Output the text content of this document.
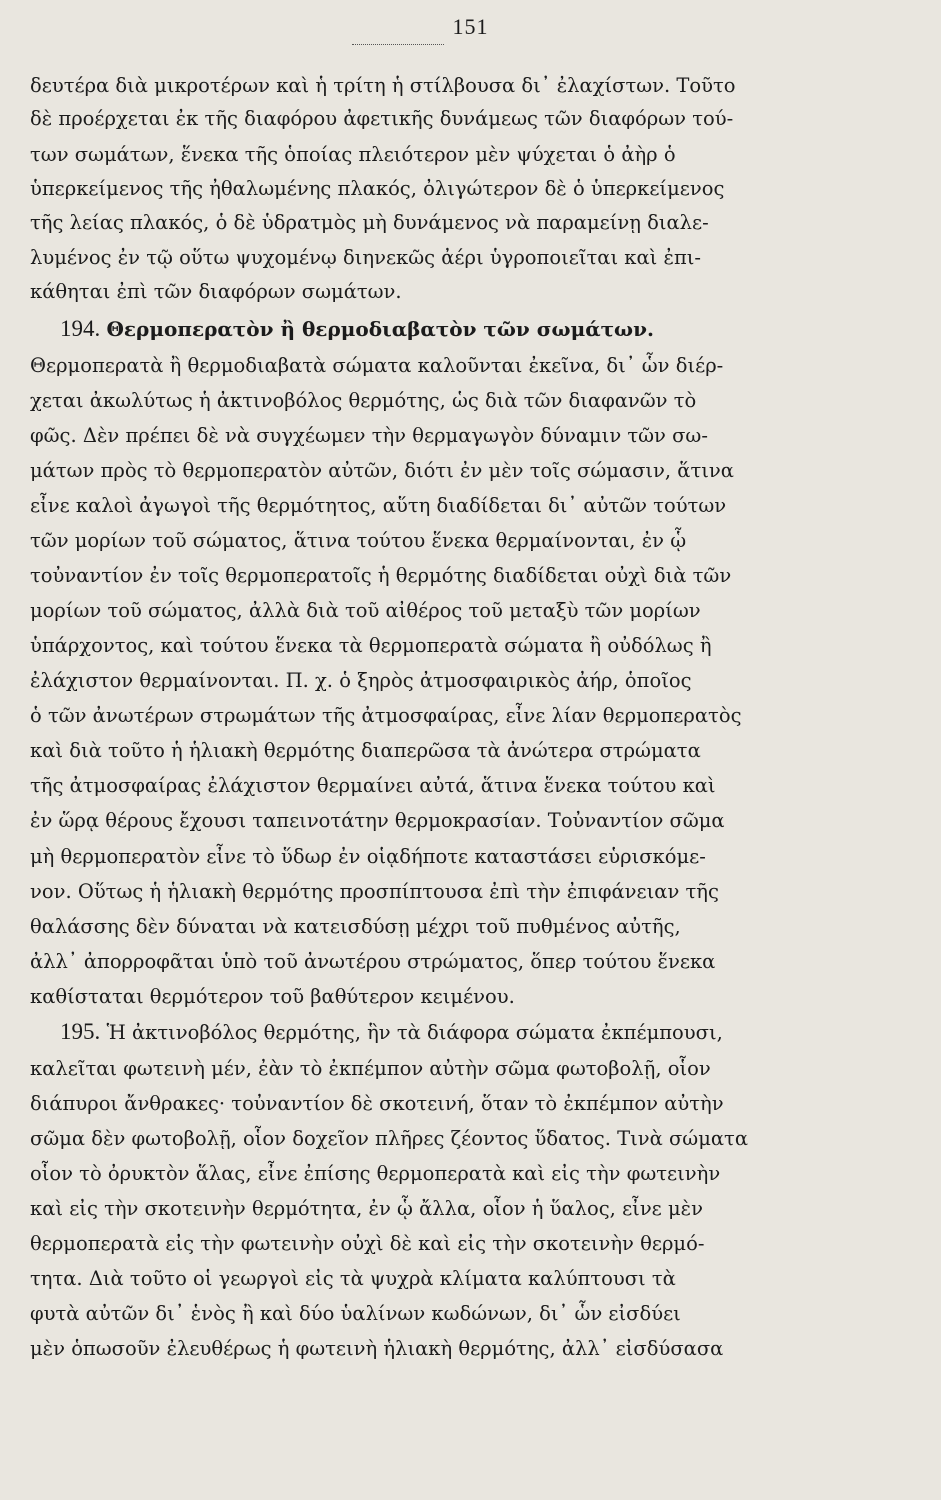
151
δευτέρα διὰ μικροτέρων καὶ ἡ τρίτη ἡ στίλβουσα δι᾽ ἐλαχίστων. Τοῦτο
δὲ προέρχεται ἐκ τῆς διαφόρου ἀφετικῆς δυνάμεως τῶν διαφόρων τού-
των σωμάτων, ἕνεκα τῆς ὁποίας πλειότερον μὲν ψύχεται ὁ ἀὴρ ὁ
ὑπερκείμενος τῆς ἠθαλωμένης πλακός, ὀλιγώτερον δὲ ὁ ὑπερκείμενος
τῆς λείας πλακός, ὁ δὲ ὑδρατμὸς μὴ δυνάμενος νὰ παραμείνῃ διαλε-
λυμένος ἐν τῷ οὕτω ψυχομένῳ διηνεκῶς ἀέρι ὑγροποιεῖται καὶ ἐπι-
κάθηται ἐπὶ τῶν διαφόρων σωμάτων.
194. Θερμοπερατὸν ἢ θερμοδιαβατὸν τῶν σωμάτων.
Θερμοπερατὰ ἢ θερμοδιαβατὰ σώματα καλοῦνται ἐκεῖνα, δι᾽ ὧν διέρ-
χεται ἀκωλύτως ἡ ἀκτινοβόλος θερμότης, ὡς διὰ τῶν διαφανῶν τὸ
φῶς. Δὲν πρέπει δὲ νὰ συγχέωμεν τὴν θερμαγωγὸν δύναμιν τῶν σω-
μάτων πρὸς τὸ θερμοπερατὸν αὐτῶν, διότι ἐν μὲν τοῖς σώμασιν, ἅτινα
εἶνε καλοὶ ἀγωγοὶ τῆς θερμότητος, αὕτη διαδίδεται δι᾽ αὐτῶν τούτων
τῶν μορίων τοῦ σώματος, ἅτινα τούτου ἕνεκα θερμαίνονται, ἐν ᾧ
τοὐναντίον ἐν τοῖς θερμοπερατοῖς ἡ θερμότης διαδίδεται οὐχὶ διὰ τῶν
μορίων τοῦ σώματος, ἀλλὰ διὰ τοῦ αἰθέρος τοῦ μεταξὺ τῶν μορίων
ὑπάρχοντος, καὶ τούτου ἕνεκα τὰ θερμοπερατὰ σώματα ἢ οὐδόλως ἢ
ἐλάχιστον θερμαίνονται. Π. χ. ὁ ξηρὸς ἀτμοσφαιρικὸς ἀήρ, ὁποῖος
ὁ τῶν ἀνωτέρων στρωμάτων τῆς ἀτμοσφαίρας, εἶνε λίαν θερμοπερατὸς
καὶ διὰ τοῦτο ἡ ἡλιακὴ θερμότης διαπερῶσα τὰ ἀνώτερα στρώματα
τῆς ἀτμοσφαίρας ἐλάχιστον θερμαίνει αὐτά, ἅτινα ἕνεκα τούτου καὶ
ἐν ὥρᾳ θέρους ἔχουσι ταπεινοτάτην θερμοκρασίαν. Τοὐναντίον σῶμα
μὴ θερμοπερατὸν εἶνε τὸ ὕδωρ ἐν οἱᾳδήποτε καταστάσει εὑρισκόμε-
νον. Οὕτως ἡ ἡλιακὴ θερμότης προσπίπτουσα ἐπὶ τὴν ἐπιφάνειαν τῆς
θαλάσσης δὲν δύναται νὰ κατεισδύσῃ μέχρι τοῦ πυθμένος αὐτῆς,
ἀλλ᾽ ἀπορροφᾶται ὑπὸ τοῦ ἀνωτέρου στρώματος, ὅπερ τούτου ἕνεκα
καθίσταται θερμότερον τοῦ βαθύτερον κειμένου.
195. Ἡ ἀκτινοβόλος θερμότης, ἣν τὰ διάφορα σώματα ἐκπέμπουσι,
καλεῖται φωτεινὴ μέν, ἐὰν τὸ ἐκπέμπον αὐτὴν σῶμα φωτοβολῇ, οἷον
διάπυροι ἄνθρακες· τοὐναντίον δὲ σκοτεινή, ὅταν τὸ ἐκπέμπον αὐτὴν
σῶμα δὲν φωτοβολῇ, οἷον δοχεῖον πλῆρες ζέοντος ὕδατος. Τινὰ σώματα
οἷον τὸ ὀρυκτὸν ἅλας, εἶνε ἐπίσης θερμοπερατὰ καὶ εἰς τὴν φωτεινὴν
καὶ εἰς τὴν σκοτεινὴν θερμότητα, ἐν ᾧ ἄλλα, οἷον ἡ ὕαλος, εἶνε μὲν
θερμοπερατὰ εἰς τὴν φωτεινὴν οὐχὶ δὲ καὶ εἰς τὴν σκοτεινὴν θερμό-
τητα. Διὰ τοῦτο οἱ γεωργοὶ εἰς τὰ ψυχρὰ κλίματα καλύπτουσι τὰ
φυτὰ αὐτῶν δι᾽ ἑνὸς ἢ καὶ δύο ὑαλίνων κωδώνων, δι᾽ ὧν εἰσδύει
μὲν ὁπωσοῦν ἐλευθέρως ἡ φωτεινὴ ἡλιακὴ θερμότης, ἀλλ᾽ εἰσδύσασα
